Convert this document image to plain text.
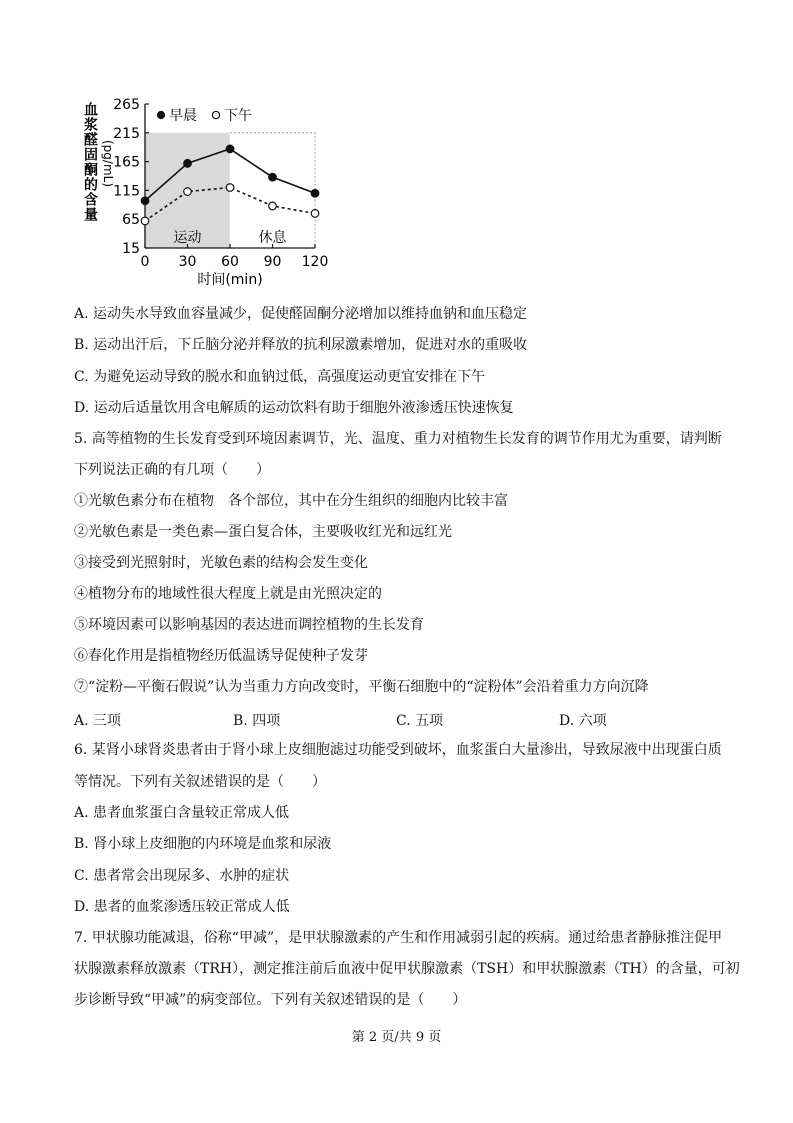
265
215
165
115
65
15
0 30 60 90 120
运动	休息
早晨 下午
血浆醛固酮的含量 (pg/mL)
时间(min)
A. 运动失水导致血容量减少，促使醛固酮分泌增加以维持血钠和血压稳定
B. 运动出汗后，下丘脑分泌并释放的抗利尿激素增加，促进对水的重吸收
C. 为避免运动导致的脱水和血钠过低，高强度运动更宜安排在下午
D. 运动后适量饮用含电解质的运动饮料有助于细胞外液渗透压快速恢复
5. 高等植物的生长发育受到环境因素调节，光、温度、重力对植物生长发育的调节作用尤为重要，请判断
下列说法正确的有几项（　　）
①光敏色素分布在植物　各个部位，其中在分生组织的细胞内比较丰富
②光敏色素是一类色素—蛋白复合体，主要吸收红光和远红光
③接受到光照射时，光敏色素的结构会发生变化
④植物分布的地域性很大程度上就是由光照决定的
⑤环境因素可以影响基因的表达进而调控植物的生长发育
⑥春化作用是指植物经历低温诱导促使种子发芽
⑦“淀粉—平衡石假说”认为当重力方向改变时，平衡石细胞中的“淀粉体”会沿着重力方向沉降
A. 三项	B. 四项	C. 五项	D. 六项
6. 某肾小球肾炎患者由于肾小球上皮细胞滤过功能受到破坏，血浆蛋白大量渗出，导致尿液中出现蛋白质
等情况。下列有关叙述错误的是（　　）
A. 患者血浆蛋白含量较正常成人低
B. 肾小球上皮细胞的内环境是血浆和尿液
C. 患者常会出现尿多、水肿的症状
D. 患者的血浆渗透压较正常成人低
7. 甲状腺功能减退，俗称“甲减”，是甲状腺激素的产生和作用减弱引起的疾病。通过给患者静脉推注促甲
状腺激素释放激素（TRH），测定推注前后血液中促甲状腺激素（TSH）和甲状腺激素（TH）的含量，可初
步诊断导致“甲减”的病变部位。下列有关叙述错误的是（　　）
第 2 页/共 9 页
